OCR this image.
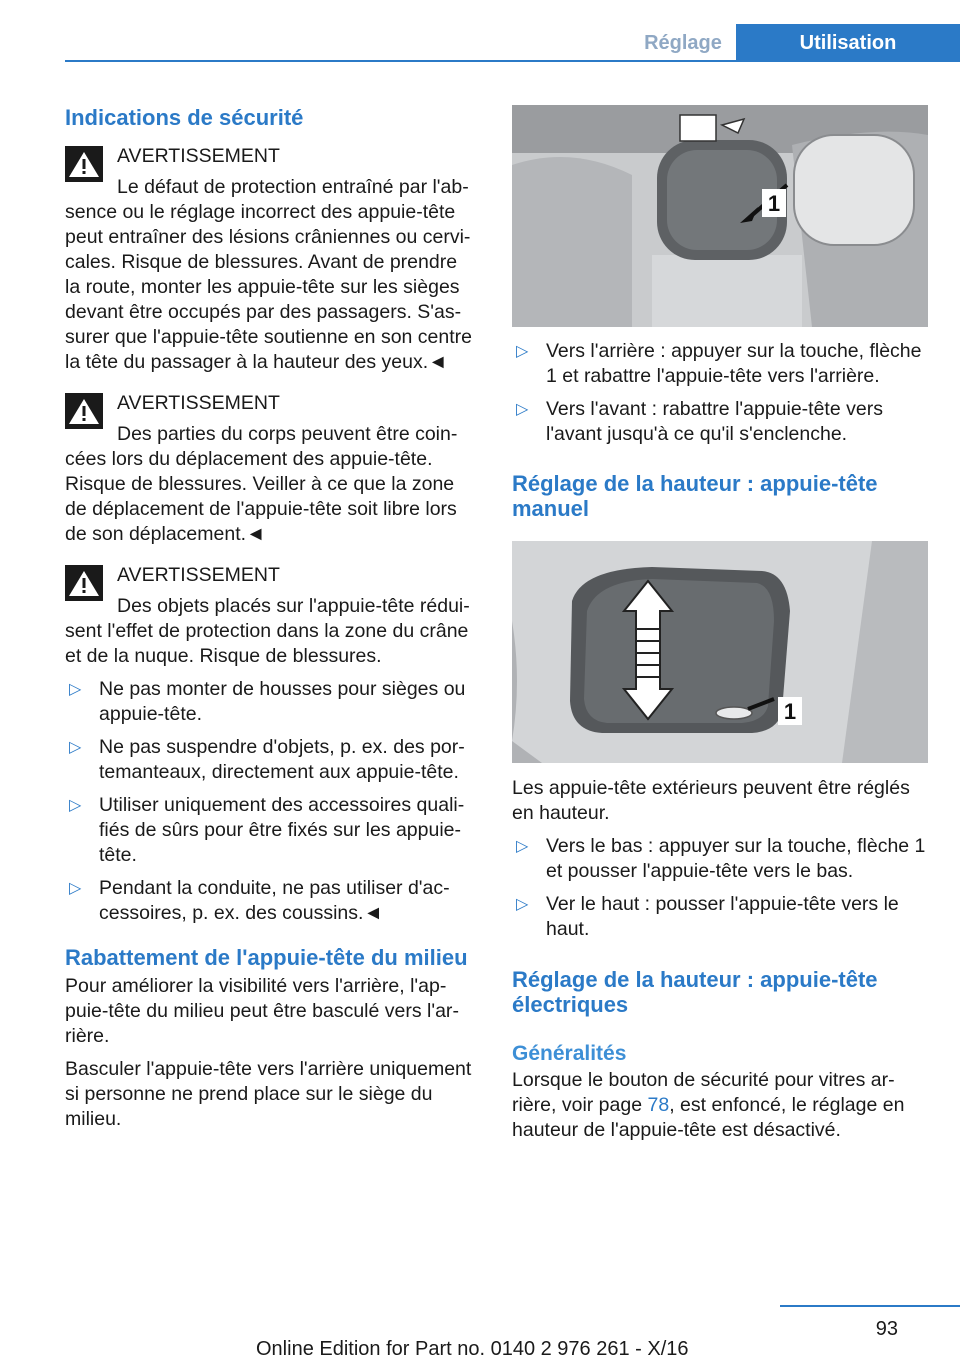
Réglage	Utilisation
Indications de sécurité

AVERTISSEMENT

Le défaut de protection entraîné par l'absence ou le réglage incorrect des appuie-tête peut entraîner des lésions crâniennes ou cervicales. Risque de blessures. Avant de prendre la route, monter les appuie-tête sur les sièges devant être occupés par des passagers. S'assurer que l'appuie-tête soutienne en son centre la tête du passager à la hauteur des yeux.◄

AVERTISSEMENT

Des parties du corps peuvent être coincées lors du déplacement des appuie-tête. Risque de blessures. Veiller à ce que la zone de déplacement de l'appuie-tête soit libre lors de son déplacement.◄

AVERTISSEMENT

Des objets placés sur l'appuie-tête réduisent l'effet de protection dans la zone du crâne et de la nuque. Risque de blessures.

▷ Ne pas monter de housses pour sièges ou appuie-tête.
▷ Ne pas suspendre d'objets, p. ex. des portemanteaux, directement aux appuie-tête.
▷ Utiliser uniquement des accessoires qualifiés de sûrs pour être fixés sur les appuie-tête.
▷ Pendant la conduite, ne pas utiliser d'accessoires, p. ex. des coussins.◄
Rabattement de l'appuie-tête du milieu

Pour améliorer la visibilité vers l'arrière, l'appuie-tête du milieu peut être basculé vers l'arrière.

Basculer l'appuie-tête vers l'arrière uniquement si personne ne prend place sur le siège du milieu.

1
▷ Vers l'arrière : appuyer sur la touche, flèche 1 et rabattre l'appuie-tête vers l'arrière.
▷ Vers l'avant : rabattre l'appuie-tête vers l'avant jusqu'à ce qu'il s'enclenche.
Réglage de la hauteur : appuie-tête manuel
1

Les appuie-tête extérieurs peuvent être réglés en hauteur.

▷ Vers le bas : appuyer sur la touche, flèche 1 et pousser l'appuie-tête vers le bas.
▷ Ver le haut : pousser l'appuie-tête vers le haut.
Réglage de la hauteur : appuie-tête électriques
Généralités

Lorsque le bouton de sécurité pour vitres arrière, voir page 78, est enfoncé, le réglage en hauteur de l'appuie-tête est désactivé.

93
Online Edition for Part no. 0140 2 976 261 - X/16
